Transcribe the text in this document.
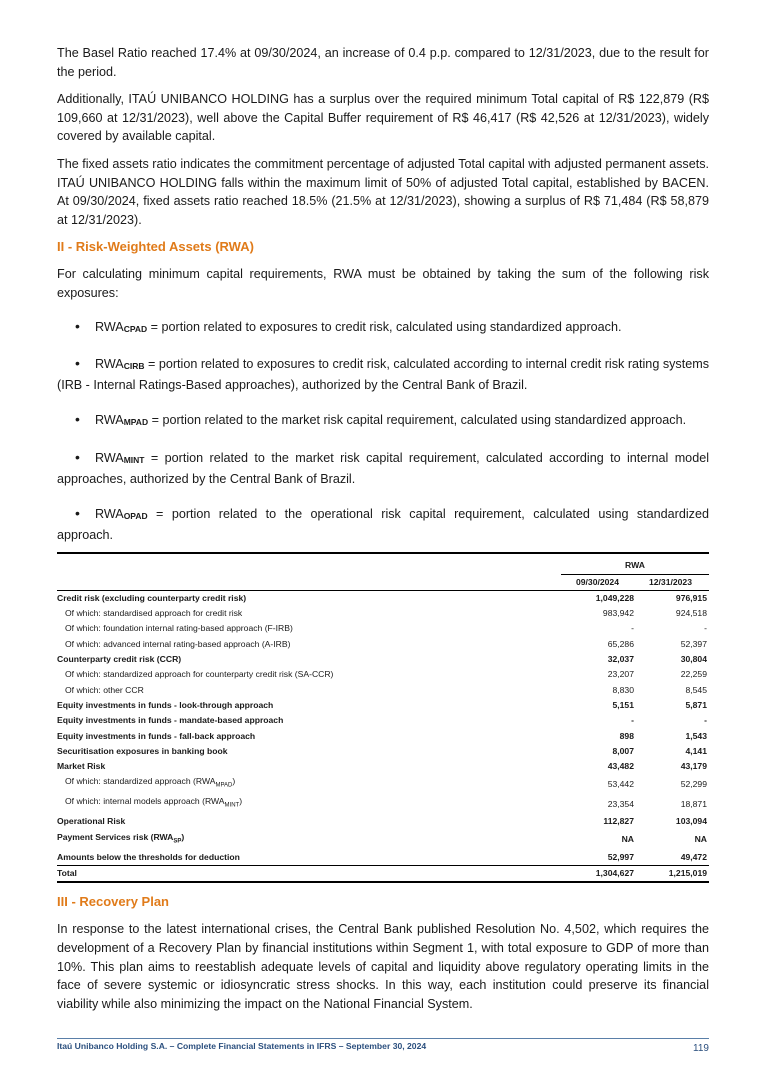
The Basel Ratio reached 17.4% at 09/30/2024, an increase of 0.4 p.p. compared to 12/31/2023, due to the result for the period.

Additionally, ITAÚ UNIBANCO HOLDING has a surplus over the required minimum Total capital of R$ 122,879 (R$ 109,660 at 12/31/2023), well above the Capital Buffer requirement of R$ 46,417 (R$ 42,526 at 12/31/2023), widely covered by available capital.

The fixed assets ratio indicates the commitment percentage of adjusted Total capital with adjusted permanent assets. ITAÚ UNIBANCO HOLDING falls within the maximum limit of 50% of adjusted Total capital, established by BACEN. At 09/30/2024, fixed assets ratio reached 18.5% (21.5% at 12/31/2023), showing a surplus of R$ 71,484 (R$ 58,879 at 12/31/2023).

II - Risk-Weighted Assets (RWA)

For calculating minimum capital requirements, RWA must be obtained by taking the sum of the following risk exposures:

• $RWA_{CPAD}$ = portion related to exposures to credit risk, calculated using standardized approach.
• $RWA_{CIRB}$ = portion related to exposures to credit risk, calculated according to internal credit risk rating systems (IRB - Internal Ratings-Based approaches), authorized by the Central Bank of Brazil.
• $RWA_{MPAD}$ = portion related to the market risk capital requirement, calculated using standardized approach.
• $RWA_{MINT}$ = portion related to the market risk capital requirement, calculated according to internal model approaches, authorized by the Central Bank of Brazil.
• $RWA_{OPAD}$ = portion related to the operational risk capital requirement, calculated using standardized approach.

	RWA	
	09/30/2024	12/31/2023
Credit risk (excluding counterparty credit risk)	1,049,228	976,915
Of which: standardised approach for credit risk	983,942	924,518
Of which: foundation internal rating-based approach (F-IRB)	-	-
Of which: advanced internal rating-based approach (A-IRB)	65,286	52,397
Counterparty credit risk (CCR)	32,037	30,804
Of which: standardized approach for counterparty credit risk (SA-CCR)	23,207	22,259
Of which: other CCR	8,830	8,545
Equity investments in funds - look-through approach	5,151	5,871
Equity investments in funds - mandate-based approach	-	-
Equity investments in funds - fall-back approach	898	1,543
Securitisation exposures in banking book	8,007	4,141
Market Risk	43,482	43,179
Of which: standardized approach $(RWA_{MPAD})$	53,442	52,299
Of which: internal models approach $(RWA_{MINT})$	23,354	18,871
Operational Risk	112,827	103,094
Payment Services risk $(RWA_{SP})$	NA	NA
Amounts below the thresholds for deduction	52,997	49,472
Total	1,304,627	1,215,019
III - Recovery Plan

In response to the latest international crises, the Central Bank published Resolution No. 4,502, which requires the development of a Recovery Plan by financial institutions within Segment 1, with total exposure to GDP of more than 10%. This plan aims to reestablish adequate levels of capital and liquidity above regulatory operating limits in the face of severe systemic or idiosyncratic stress shocks. In this way, each institution could preserve its financial viability while also minimizing the impact on the National Financial System.

Itaú Unibanco Holding S.A. – Complete Financial Statements in IFRS – September 30, 2024	119
